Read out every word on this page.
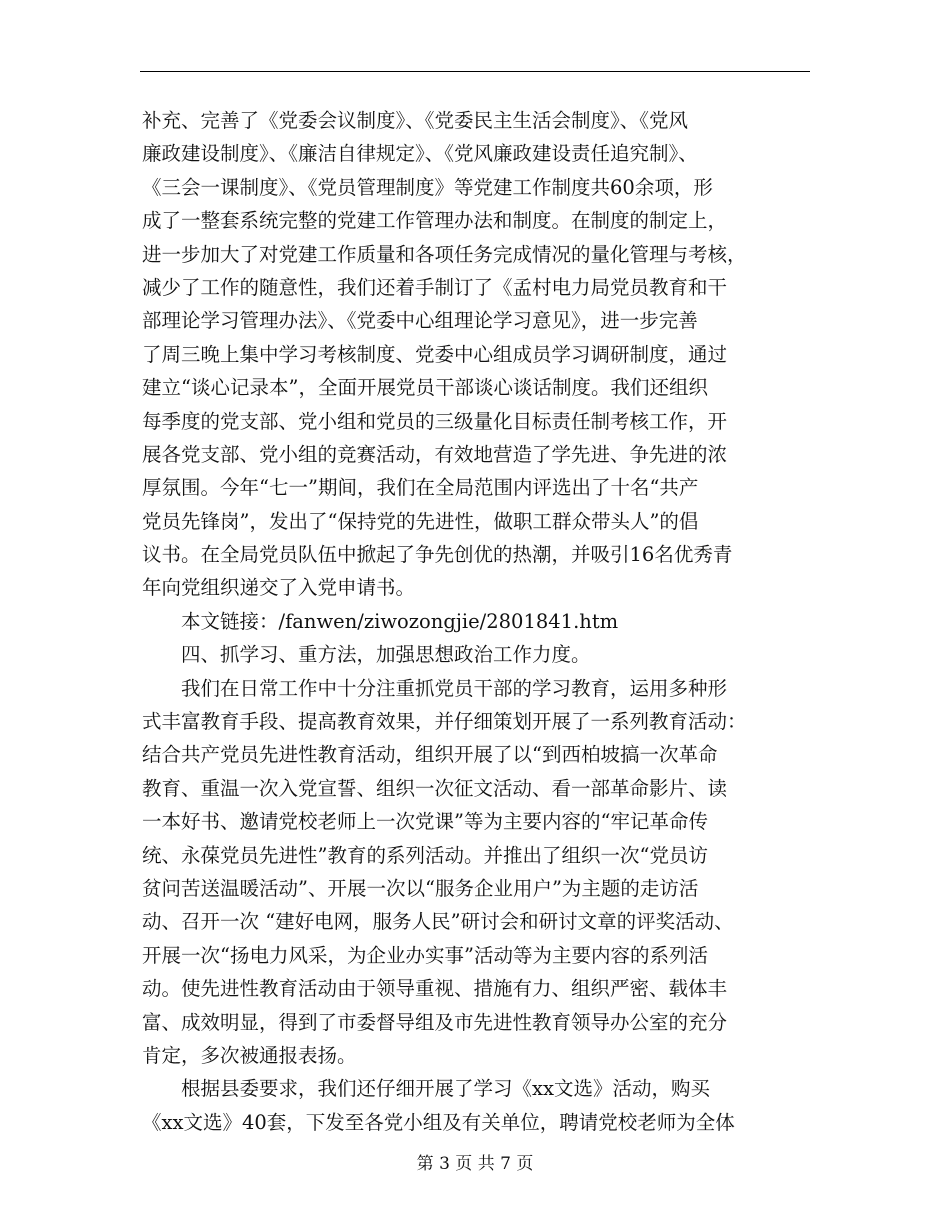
补充、完善了《党委会议制度》、《党委民主生活会制度》、《党风
廉政建设制度》、《廉洁自律规定》、《党风廉政建设责任追究制》、
《三会一课制度》、《党员管理制度》等党建工作制度共60余项，形
成了一整套系统完整的党建工作管理办法和制度。在制度的制定上，
进一步加大了对党建工作质量和各项任务完成情况的量化管理与考核，
减少了工作的随意性，我们还着手制订了《孟村电力局党员教育和干
部理论学习管理办法》、《党委中心组理论学习意见》，进一步完善
了周三晚上集中学习考核制度、党委中心组成员学习调研制度，通过
建立“谈心记录本”，全面开展党员干部谈心谈话制度。我们还组织
每季度的党支部、党小组和党员的三级量化目标责任制考核工作，开
展各党支部、党小组的竞赛活动，有效地营造了学先进、争先进的浓
厚氛围。今年“七一”期间，我们在全局范围内评选出了十名“共产
党员先锋岗”，发出了“保持党的先进性，做职工群众带头人”的倡
议书。在全局党员队伍中掀起了争先创优的热潮，并吸引16名优秀青
年向党组织递交了入党申请书。
本文链接：/fanwen/ziwozongjie/2801841.htm
四、抓学习、重方法，加强思想政治工作力度。
我们在日常工作中十分注重抓党员干部的学习教育，运用多种形
式丰富教育手段、提高教育效果，并仔细策划开展了一系列教育活动：
结合共产党员先进性教育活动，组织开展了以“到西柏坡搞一次革命
教育、重温一次入党宣誓、组织一次征文活动、看一部革命影片、读
一本好书、邀请党校老师上一次党课”等为主要内容的“牢记革命传
统、永葆党员先进性”教育的系列活动。并推出了组织一次“党员访
贫问苦送温暖活动”、开展一次以“服务企业用户”为主题的走访活
动、召开一次 “建好电网，服务人民”研讨会和研讨文章的评奖活动、
开展一次“扬电力风采，为企业办实事”活动等为主要内容的系列活
动。使先进性教育活动由于领导重视、措施有力、组织严密、载体丰
富、成效明显，得到了市委督导组及市先进性教育领导办公室的充分
肯定，多次被通报表扬。
根据县委要求，我们还仔细开展了学习《xx文选》活动，购买
《xx文选》40套，下发至各党小组及有关单位，聘请党校老师为全体
第 3 页 共 7 页
